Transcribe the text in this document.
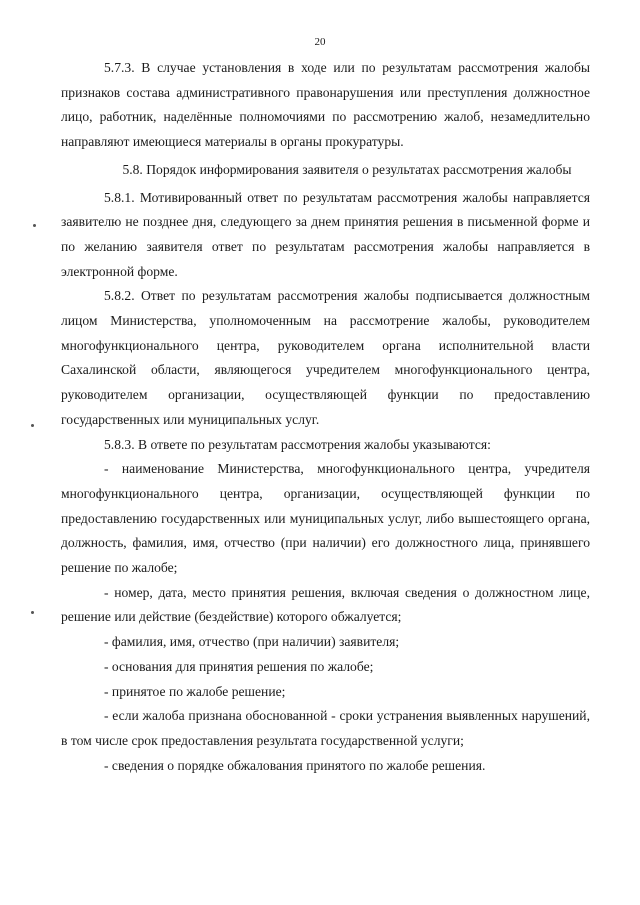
20

5.7.3. В случае установления в ходе или по результатам рассмотрения жалобы признаков состава административного правонарушения или преступления должностное лицо, работник, наделённые полномочиями по рассмотрению жалоб, незамедлительно направляют имеющиеся материалы в органы прокуратуры.

5.8. Порядок информирования заявителя о результатах рассмотрения жалобы

5.8.1. Мотивированный ответ по результатам рассмотрения жалобы направляется заявителю не позднее дня, следующего за днем принятия решения в письменной форме и по желанию заявителя ответ по результатам рассмотрения жалобы направляется в электронной форме.

5.8.2. Ответ по результатам рассмотрения жалобы подписывается должностным лицом Министерства, уполномоченным на рассмотрение жалобы, руководителем многофункционального центра, руководителем органа исполнительной власти Сахалинской области, являющегося учредителем многофункционального центра, руководителем организации, осуществляющей функции по предоставлению государственных или муниципальных услуг.

5.8.3. В ответе по результатам рассмотрения жалобы указываются:

- наименование Министерства, многофункционального центра, учредителя многофункционального центра, организации, осуществляющей функции по предоставлению государственных или муниципальных услуг, либо вышестоящего органа, должность, фамилия, имя, отчество (при наличии) его должностного лица, принявшего решение по жалобе;

- номер, дата, место принятия решения, включая сведения о должностном лице, решение или действие (бездействие) которого обжалуется;

- фамилия, имя, отчество (при наличии) заявителя;

- основания для принятия решения по жалобе;

- принятое по жалобе решение;

- если жалоба признана обоснованной - сроки устранения выявленных нарушений, в том числе срок предоставления результата государственной услуги;

- сведения о порядке обжалования принятого по жалобе решения.
